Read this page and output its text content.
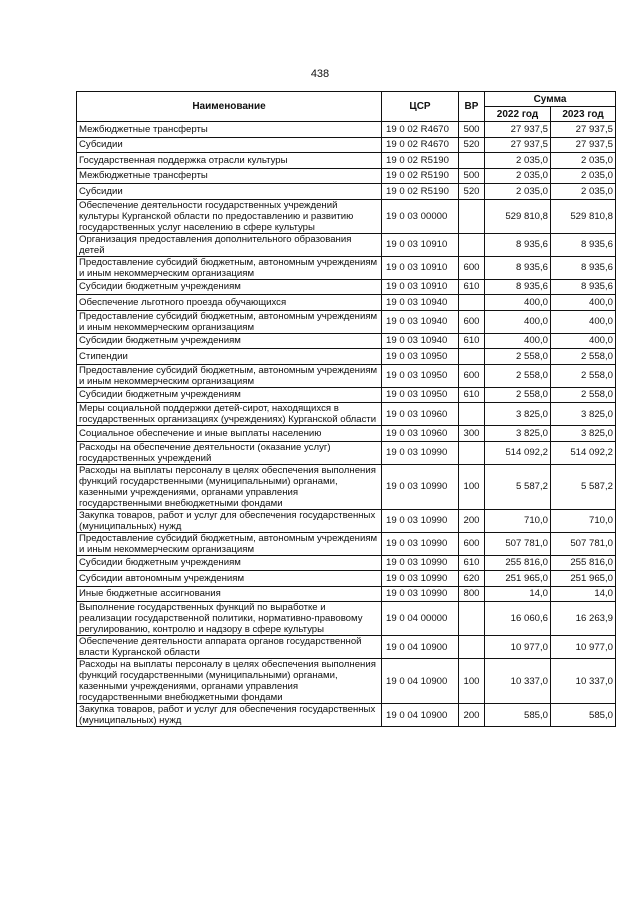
438
Наименование	ЦСР	ВР	Сумма	
			2022 год	2023 год
Межбюджетные трансферты	19 0 02 R4670	500	27 937,5	27 937,5
Субсидии	19 0 02 R4670	520	27 937,5	27 937,5
Государственная поддержка отрасли культуры	19 0 02 R5190		2 035,0	2 035,0
Межбюджетные трансферты	19 0 02 R5190	500	2 035,0	2 035,0
Субсидии	19 0 02 R5190	520	2 035,0	2 035,0
Обеспечение деятельности государственных учреждений культуры Курганской области по предоставлению и развитию государственных услуг населению в сфере культуры	19 0 03 00000		529 810,8	529 810,8
Организация предоставления дополнительного образования детей	19 0 03 10910		8 935,6	8 935,6
Предоставление субсидий бюджетным, автономным учреждениям и иным некоммерческим организациям	19 0 03 10910	600	8 935,6	8 935,6
Субсидии бюджетным учреждениям	19 0 03 10910	610	8 935,6	8 935,6
Обеспечение льготного проезда обучающихся	19 0 03 10940		400,0	400,0
Предоставление субсидий бюджетным, автономным учреждениям и иным некоммерческим организациям	19 0 03 10940	600	400,0	400,0
Субсидии бюджетным учреждениям	19 0 03 10940	610	400,0	400,0
Стипендии	19 0 03 10950		2 558,0	2 558,0
Предоставление субсидий бюджетным, автономным учреждениям и иным некоммерческим организациям	19 0 03 10950	600	2 558,0	2 558,0
Субсидии бюджетным учреждениям	19 0 03 10950	610	2 558,0	2 558,0
Меры социальной поддержки детей-сирот, находящихся в государственных организациях (учреждениях) Курганской области	19 0 03 10960		3 825,0	3 825,0
Социальное обеспечение и иные выплаты населению	19 0 03 10960	300	3 825,0	3 825,0
Расходы на обеспечение деятельности (оказание услуг) государственных учреждений	19 0 03 10990		514 092,2	514 092,2
Расходы на выплаты персоналу в целях обеспечения выполнения функций государственными (муниципальными) органами, казенными учреждениями, органами управления государственными внебюджетными фондами	19 0 03 10990	100	5 587,2	5 587,2
Закупка товаров, работ и услуг для обеспечения государственных (муниципальных) нужд	19 0 03 10990	200	710,0	710,0
Предоставление субсидий бюджетным, автономным учреждениям и иным некоммерческим организациям	19 0 03 10990	600	507 781,0	507 781,0
Субсидии бюджетным учреждениям	19 0 03 10990	610	255 816,0	255 816,0
Субсидии автономным учреждениям	19 0 03 10990	620	251 965,0	251 965,0
Иные бюджетные ассигнования	19 0 03 10990	800	14,0	14,0
Выполнение государственных функций по выработке и реализации государственной политики, нормативно-правовому регулированию, контролю и надзору в сфере культуры	19 0 04 00000		16 060,6	16 263,9
Обеспечение деятельности аппарата органов государственной власти Курганской области	19 0 04 10900		10 977,0	10 977,0
Расходы на выплаты персоналу в целях обеспечения выполнения функций государственными (муниципальными) органами, казенными учреждениями, органами управления государственными внебюджетными фондами	19 0 04 10900	100	10 337,0	10 337,0
Закупка товаров, работ и услуг для обеспечения государственных (муниципальных) нужд	19 0 04 10900	200	585,0	585,0
